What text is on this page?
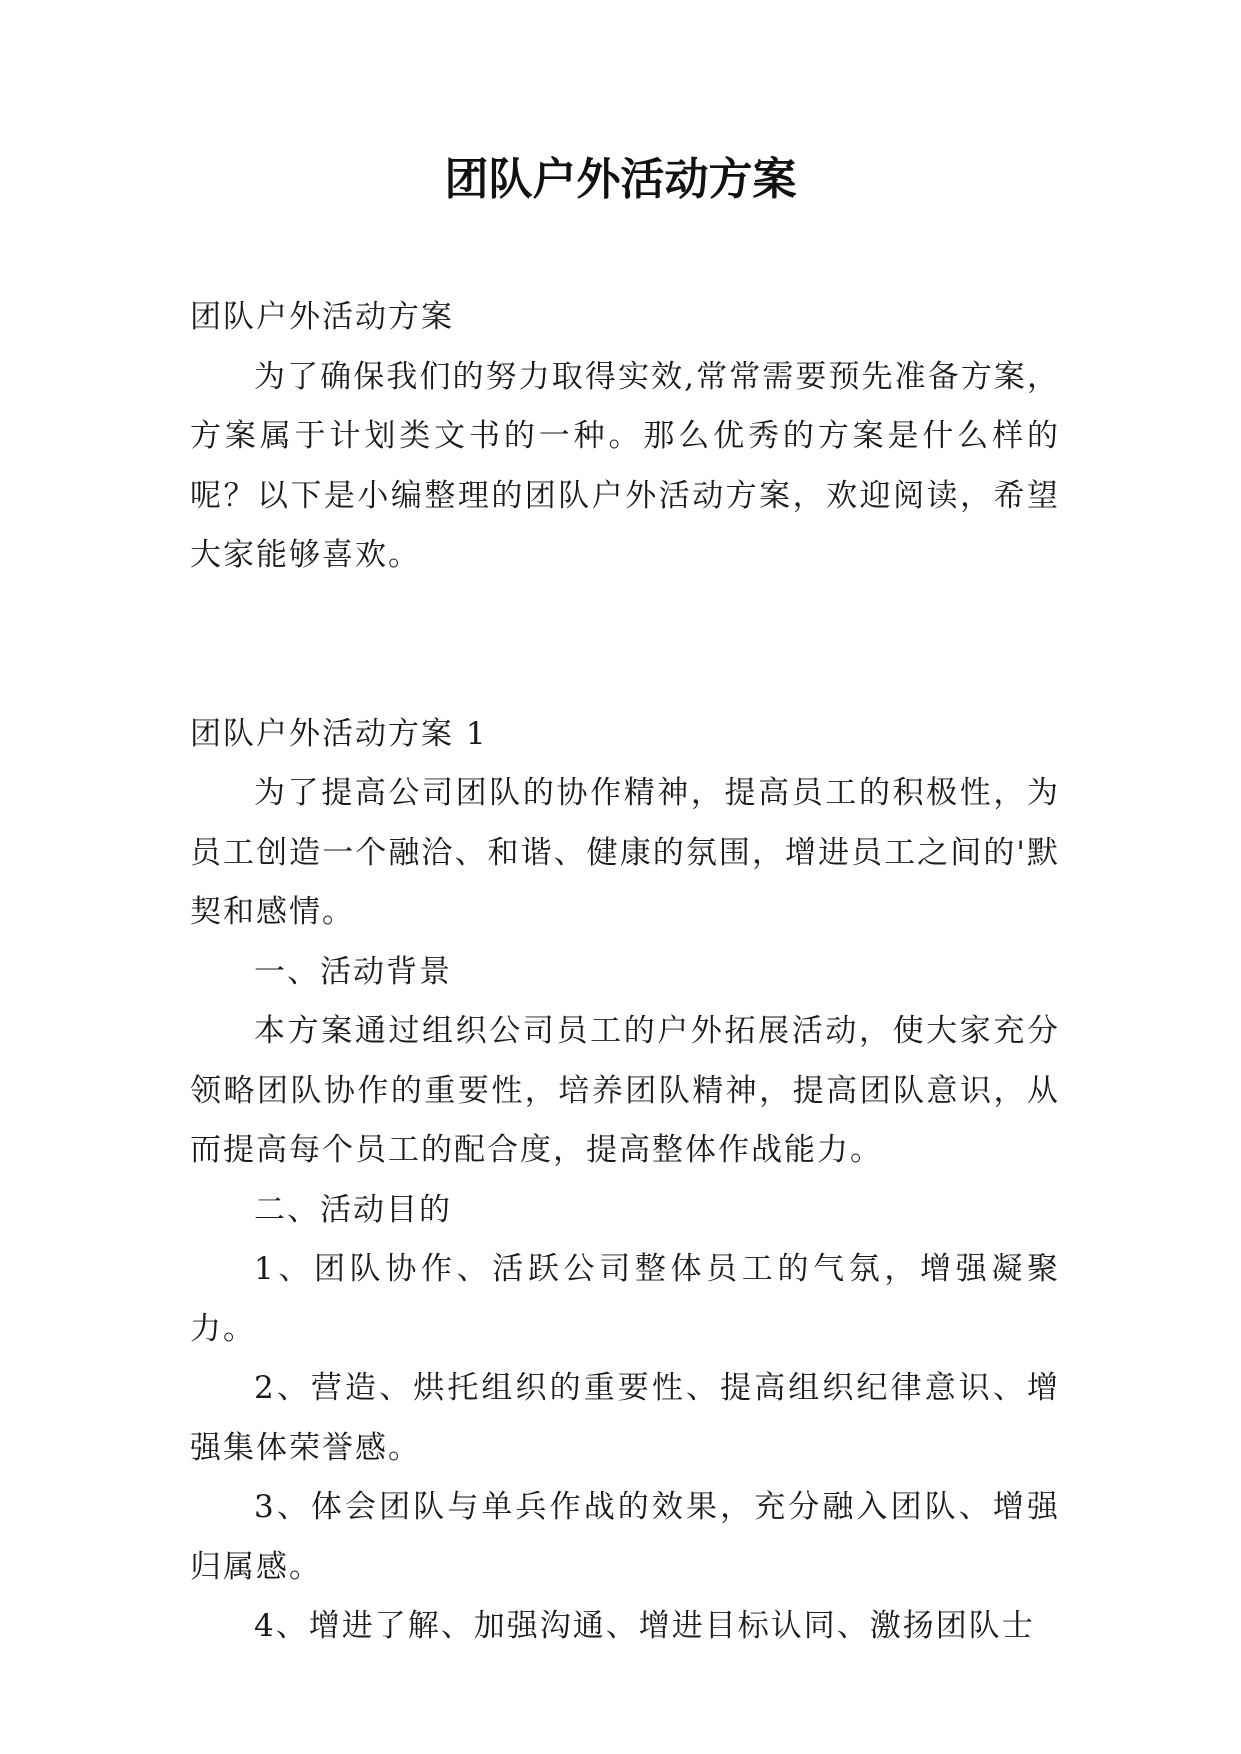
团队户外活动方案

团队户外活动方案

为了确保我们的努力取得实效,常常需要预先准备方案，方案属于计划类文书的一种。那么优秀的方案是什么样的呢？以下是小编整理的团队户外活动方案，欢迎阅读，希望大家能够喜欢。

团队户外活动方案 1

为了提高公司团队的协作精神，提高员工的积极性，为员工创造一个融洽、和谐、健康的氛围，增进员工之间的'默契和感情。

一、活动背景

本方案通过组织公司员工的户外拓展活动，使大家充分领略团队协作的重要性，培养团队精神，提高团队意识，从而提高每个员工的配合度，提高整体作战能力。

二、活动目的

1、团队协作、活跃公司整体员工的气氛，增强凝聚力。

2、营造、烘托组织的重要性、提高组织纪律意识、增强集体荣誉感。

3、体会团队与单兵作战的效果，充分融入团队、增强归属感。

4、增进了解、加强沟通、增进目标认同、激扬团队士
